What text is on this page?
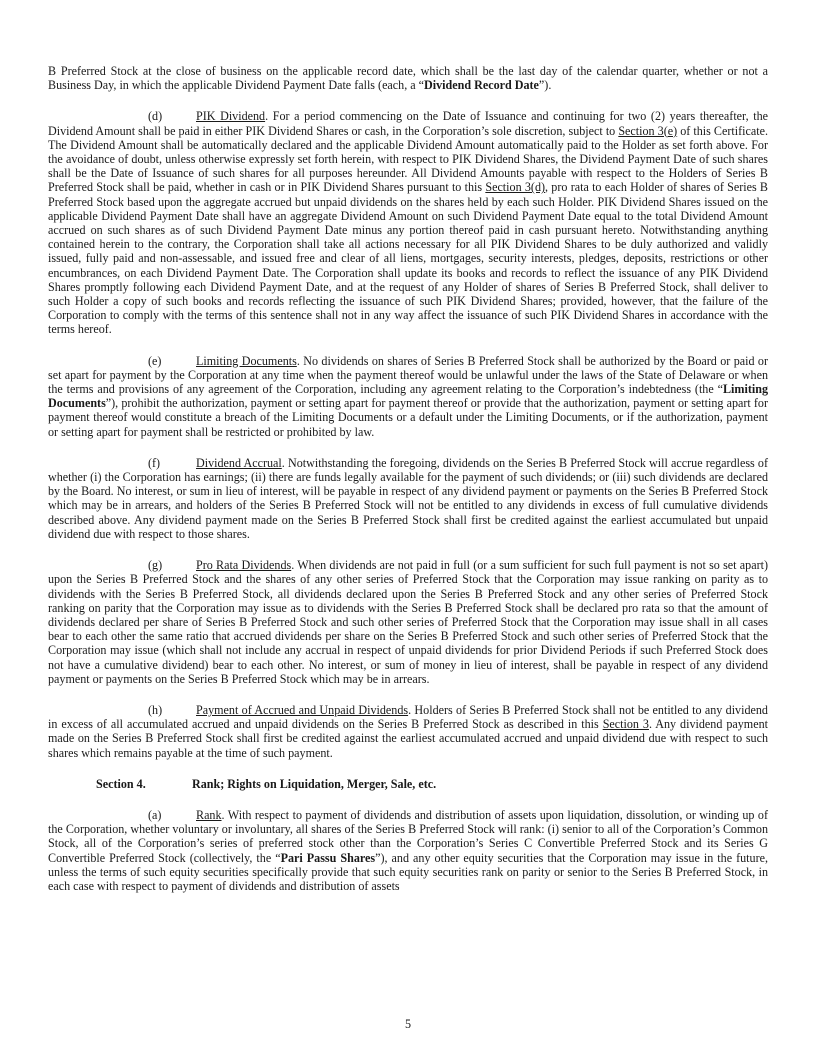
B Preferred Stock at the close of business on the applicable record date, which shall be the last day of the calendar quarter, whether or not a Business Day, in which the applicable Dividend Payment Date falls (each, a “Dividend Record Date”).

(d)	PIK Dividend. For a period commencing on the Date of Issuance and continuing for two (2) years thereafter, the Dividend Amount shall be paid in either PIK Dividend Shares or cash, in the Corporation’s sole discretion, subject to Section 3(e) of this Certificate. The Dividend Amount shall be automatically declared and the applicable Dividend Amount automatically paid to the Holder as set forth above. For the avoidance of doubt, unless otherwise expressly set forth herein, with respect to PIK Dividend Shares, the Dividend Payment Date of such shares shall be the Date of Issuance of such shares for all purposes hereunder. All Dividend Amounts payable with respect to the Holders of Series B Preferred Stock shall be paid, whether in cash or in PIK Dividend Shares pursuant to this Section 3(d), pro rata to each Holder of shares of Series B Preferred Stock based upon the aggregate accrued but unpaid dividends on the shares held by each such Holder. PIK Dividend Shares issued on the applicable Dividend Payment Date shall have an aggregate Dividend Amount on such Dividend Payment Date equal to the total Dividend Amount accrued on such shares as of such Dividend Payment Date minus any portion thereof paid in cash pursuant hereto. Notwithstanding anything contained herein to the contrary, the Corporation shall take all actions necessary for all PIK Dividend Shares to be duly authorized and validly issued, fully paid and non-assessable, and issued free and clear of all liens, mortgages, security interests, pledges, deposits, restrictions or other encumbrances, on each Dividend Payment Date. The Corporation shall update its books and records to reflect the issuance of any PIK Dividend Shares promptly following each Dividend Payment Date, and at the request of any Holder of shares of Series B Preferred Stock, shall deliver to such Holder a copy of such books and records reflecting the issuance of such PIK Dividend Shares; provided, however, that the failure of the Corporation to comply with the terms of this sentence shall not in any way affect the issuance of such PIK Dividend Shares in accordance with the terms hereof.

(e)	Limiting Documents. No dividends on shares of Series B Preferred Stock shall be authorized by the Board or paid or set apart for payment by the Corporation at any time when the payment thereof would be unlawful under the laws of the State of Delaware or when the terms and provisions of any agreement of the Corporation, including any agreement relating to the Corporation’s indebtedness (the “Limiting Documents”), prohibit the authorization, payment or setting apart for payment thereof or provide that the authorization, payment or setting apart for payment thereof would constitute a breach of the Limiting Documents or a default under the Limiting Documents, or if the authorization, payment or setting apart for payment shall be restricted or prohibited by law.

(f)	Dividend Accrual. Notwithstanding the foregoing, dividends on the Series B Preferred Stock will accrue regardless of whether (i) the Corporation has earnings; (ii) there are funds legally available for the payment of such dividends; or (iii) such dividends are declared by the Board. No interest, or sum in lieu of interest, will be payable in respect of any dividend payment or payments on the Series B Preferred Stock which may be in arrears, and holders of the Series B Preferred Stock will not be entitled to any dividends in excess of full cumulative dividends described above. Any dividend payment made on the Series B Preferred Stock shall first be credited against the earliest accumulated but unpaid dividend due with respect to those shares.

(g)	Pro Rata Dividends. When dividends are not paid in full (or a sum sufficient for such full payment is not so set apart) upon the Series B Preferred Stock and the shares of any other series of Preferred Stock that the Corporation may issue ranking on parity as to dividends with the Series B Preferred Stock, all dividends declared upon the Series B Preferred Stock and any other series of Preferred Stock ranking on parity that the Corporation may issue as to dividends with the Series B Preferred Stock shall be declared pro rata so that the amount of dividends declared per share of Series B Preferred Stock and such other series of Preferred Stock that the Corporation may issue shall in all cases bear to each other the same ratio that accrued dividends per share on the Series B Preferred Stock and such other series of Preferred Stock that the Corporation may issue (which shall not include any accrual in respect of unpaid dividends for prior Dividend Periods if such Preferred Stock does not have a cumulative dividend) bear to each other. No interest, or sum of money in lieu of interest, shall be payable in respect of any dividend payment or payments on the Series B Preferred Stock which may be in arrears.

(h)	Payment of Accrued and Unpaid Dividends. Holders of Series B Preferred Stock shall not be entitled to any dividend in excess of all accumulated accrued and unpaid dividends on the Series B Preferred Stock as described in this Section 3. Any dividend payment made on the Series B Preferred Stock shall first be credited against the earliest accumulated accrued and unpaid dividend due with respect to such shares which remains payable at the time of such payment.

Section 4.	Rank; Rights on Liquidation, Merger, Sale, etc.

(a)	Rank. With respect to payment of dividends and distribution of assets upon liquidation, dissolution, or winding up of the Corporation, whether voluntary or involuntary, all shares of the Series B Preferred Stock will rank: (i) senior to all of the Corporation’s Common Stock, all of the Corporation’s series of preferred stock other than the Corporation’s Series C Convertible Preferred Stock and its Series G Convertible Preferred Stock (collectively, the “Pari Passu Shares”), and any other equity securities that the Corporation may issue in the future, unless the terms of such equity securities specifically provide that such equity securities rank on parity or senior to the Series B Preferred Stock, in each case with respect to payment of dividends and distribution of assets

5
